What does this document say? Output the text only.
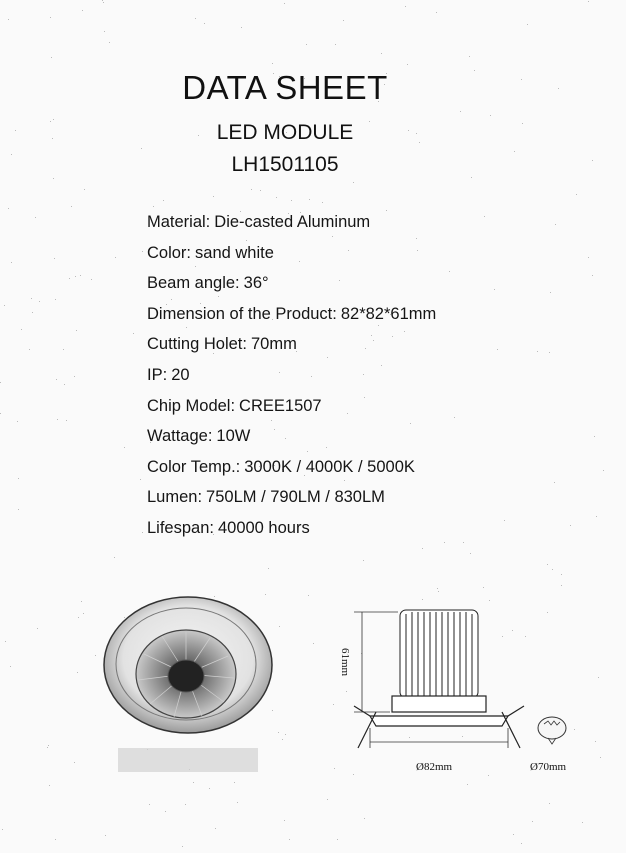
DATA SHEET
LED MODULE
LH1501105
Material: Die-casted Aluminum
Color: sand white
Beam angle: 36°
Dimension of the Product: 82*82*61mm
Cutting Holet: 70mm
IP: 20
Chip Model: CREE1507
Wattage: 10W
Color Temp.: 3000K / 4000K / 5000K
Lumen: 750LM / 790LM / 830LM
Lifespan: 40000 hours
61mm
Ø82mm	Ø70mm
